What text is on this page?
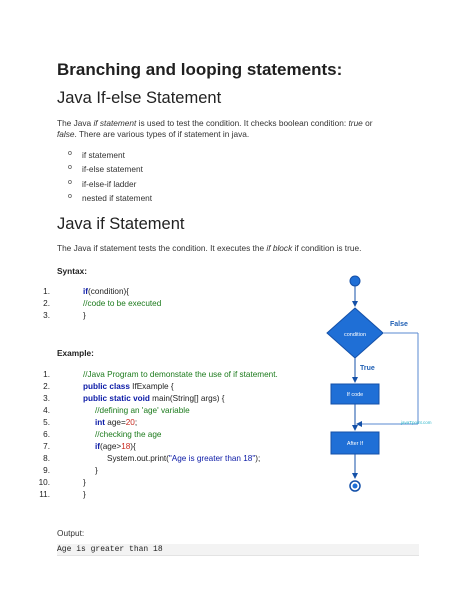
Branching and looping statements:
Java If-else Statement
The Java if statement is used to test the condition. It checks boolean condition: true or false. There are various types of if statement in java.
o if statement
o if-else statement
o if-else-if ladder
o nested if statement
Java if Statement
The Java if statement tests the condition. It executes the if block if condition is true.
Syntax:
1.	if(condition){
2.	//code to be executed
3.	}
Example:
1.	//Java Program to demonstate the use of if statement.
2.	public class IfExample {
3.	public static void main(String[] args) {
4.	//defining an 'age' variable
5.	int age=20;
6.	//checking the age
7.	if(age>18){
8.	System.out.print("Age is greater than 18");
9.	}
10.	}
11.	}
Output:
Age is greater than 18
condition
False
True
If code
javaTpoint.com
After If
